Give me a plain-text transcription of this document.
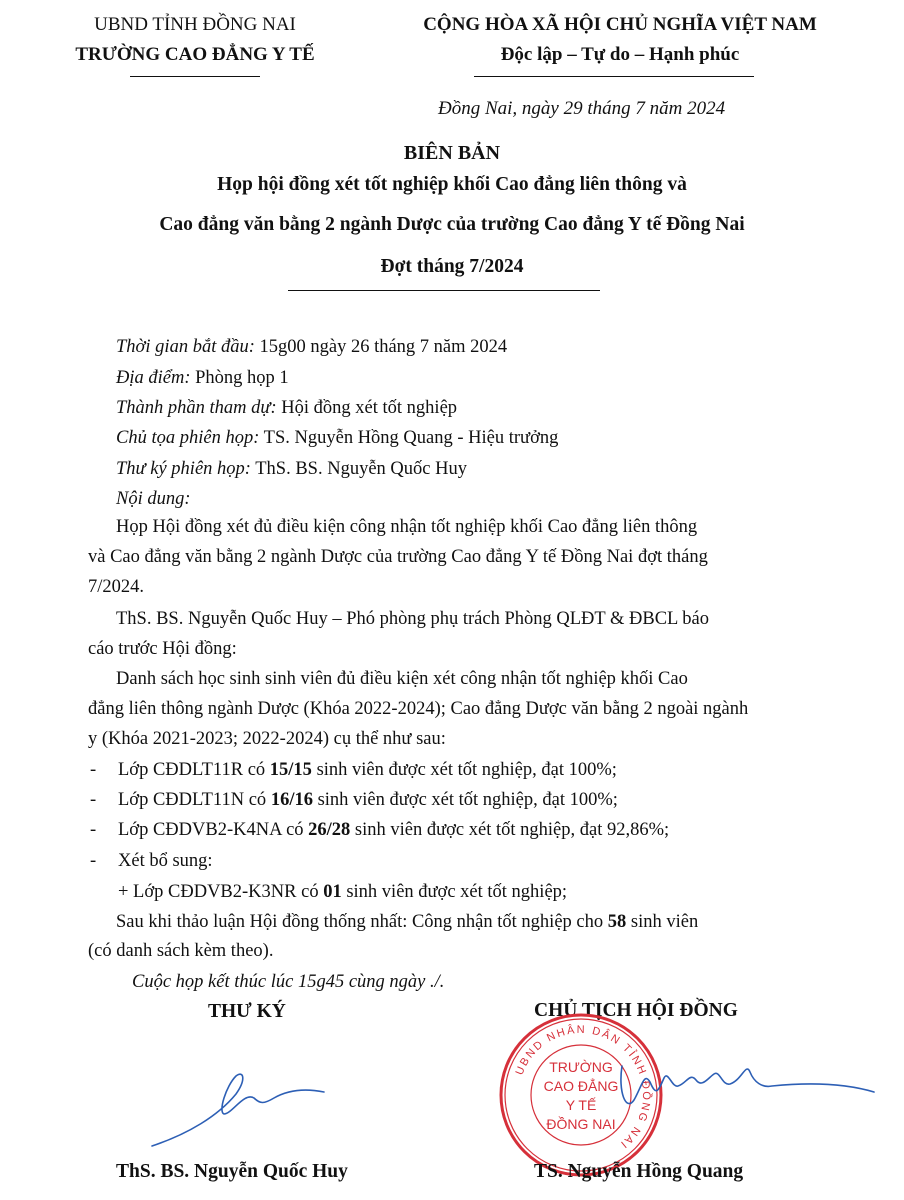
UBND TỈNH ĐỒNG NAI
TRƯỜNG CAO ĐẲNG Y TẾ
CỘNG HÒA XÃ HỘI CHỦ NGHĨA VIỆT NAM
Độc lập – Tự do – Hạnh phúc
Đồng Nai, ngày 29 tháng 7 năm 2024
BIÊN BẢN
Họp hội đồng xét tốt nghiệp khối Cao đẳng liên thông và
Cao đẳng văn bằng 2 ngành Dược của trường Cao đẳng Y tế Đồng Nai
Đợt tháng 7/2024
Thời gian bắt đầu: 15g00 ngày 26 tháng 7 năm 2024
Địa điểm: Phòng họp 1
Thành phần tham dự: Hội đồng xét tốt nghiệp
Chủ tọa phiên họp: TS. Nguyễn Hồng Quang - Hiệu trưởng
Thư ký phiên họp: ThS. BS. Nguyễn Quốc Huy
Nội dung:
Họp Hội đồng xét đủ điều kiện công nhận tốt nghiệp khối Cao đẳng liên thông
và Cao đẳng văn bằng 2 ngành Dược của trường Cao đẳng Y tế Đồng Nai đợt tháng
7/2024.
ThS. BS. Nguyễn Quốc Huy – Phó phòng phụ trách Phòng QLĐT & ĐBCL báo
cáo trước Hội đồng:
Danh sách học sinh sinh viên đủ điều kiện xét công nhận tốt nghiệp khối Cao
đẳng liên thông ngành Dược (Khóa 2022-2024); Cao đẳng Dược văn bằng 2 ngoài ngành
y (Khóa 2021-2023; 2022-2024) cụ thể như sau:
- Lớp CĐDLT11R có 15/15 sinh viên được xét tốt nghiệp, đạt 100%;
- Lớp CĐDLT11N có 16/16 sinh viên được xét tốt nghiệp, đạt 100%;
- Lớp CĐDVB2-K4NA có 26/28 sinh viên được xét tốt nghiệp, đạt 92,86%;
- Xét bổ sung:
+ Lớp CĐDVB2-K3NR có 01 sinh viên được xét tốt nghiệp;
Sau khi thảo luận Hội đồng thống nhất: Công nhận tốt nghiệp cho 58 sinh viên
(có danh sách kèm theo).
Cuộc họp kết thúc lúc 15g45 cùng ngày ./.
THƯ KÝ	CHỦ TỊCH HỘI ĐỒNG
UBND NHÂN DÂN TỈNH ĐỒNG NAI
TRƯỜNG
CAO ĐẲNG
Y TẾ
ĐỒNG NAI
ThS. BS. Nguyễn Quốc Huy	TS. Nguyễn Hồng Quang
